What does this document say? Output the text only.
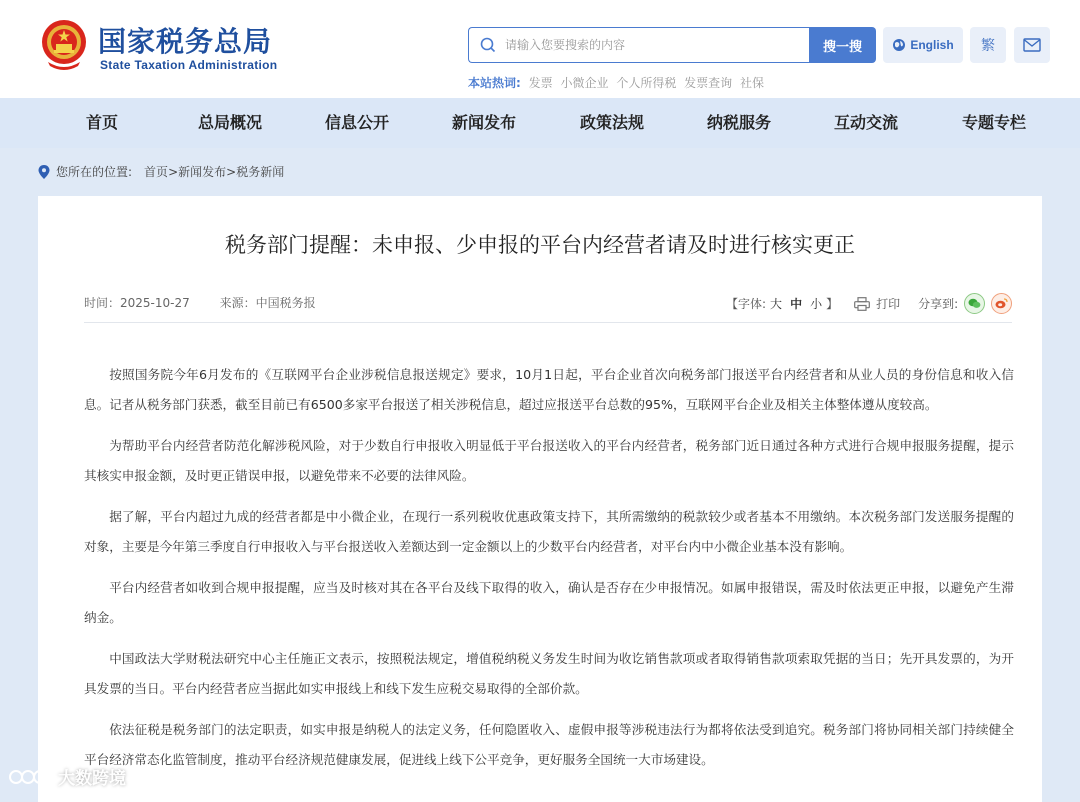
国家税务总局
State Taxation Administration
请输入您要搜索的内容
搜一搜	English	繁
本站热词: 发票 小微企业 个人所得税 发票查询 社保
首页	总局概况	信息公开	新闻发布	政策法规	纳税服务	互动交流	专题专栏
您所在的位置: 首页 > 新闻发布 > 税务新闻
税务部门提醒：未申报、少申报的平台内经营者请及时进行核实更正
时间：2025-10-27 来源：中国税务报	【字体: 大 中 小 】	打印 分享到:

按照国务院今年6月发布的《互联网平台企业涉税信息报送规定》要求，10月1日起，平台企业首次向税务部门报送平台内经营者和从业人员的身份信息和收入信息。记者从税务部门获悉，截至目前已有6500多家平台报送了相关涉税信息，超过应报送平台总数的95%，互联网平台企业及相关主体整体遵从度较高。

为帮助平台内经营者防范化解涉税风险，对于少数自行申报收入明显低于平台报送收入的平台内经营者，税务部门近日通过各种方式进行合规申报服务提醒，提示其核实申报金额，及时更正错误申报，以避免带来不必要的法律风险。

据了解，平台内超过九成的经营者都是中小微企业，在现行一系列税收优惠政策支持下，其所需缴纳的税款较少或者基本不用缴纳。本次税务部门发送服务提醒的对象，主要是今年第三季度自行申报收入与平台报送收入差额达到一定金额以上的少数平台内经营者，对平台内中小微企业基本没有影响。

平台内经营者如收到合规申报提醒，应当及时核对其在各平台及线下取得的收入，确认是否存在少申报情况。如属申报错误，需及时依法更正申报，以避免产生滞纳金。

中国政法大学财税法研究中心主任施正文表示，按照税法规定，增值税纳税义务发生时间为收讫销售款项或者取得销售款项索取凭据的当日；先开具发票的，为开具发票的当日。平台内经营者应当据此如实申报线上和线下发生应税交易取得的全部价款。

依法征税是税务部门的法定职责，如实申报是纳税人的法定义务，任何隐匿收入、虚假申报等涉税违法行为都将依法受到追究。税务部门将协同相关部门持续健全平台经济常态化监管制度，推动平台经济规范健康发展，促进线上线下公平竞争，更好服务全国统一大市场建设。

大数跨境
